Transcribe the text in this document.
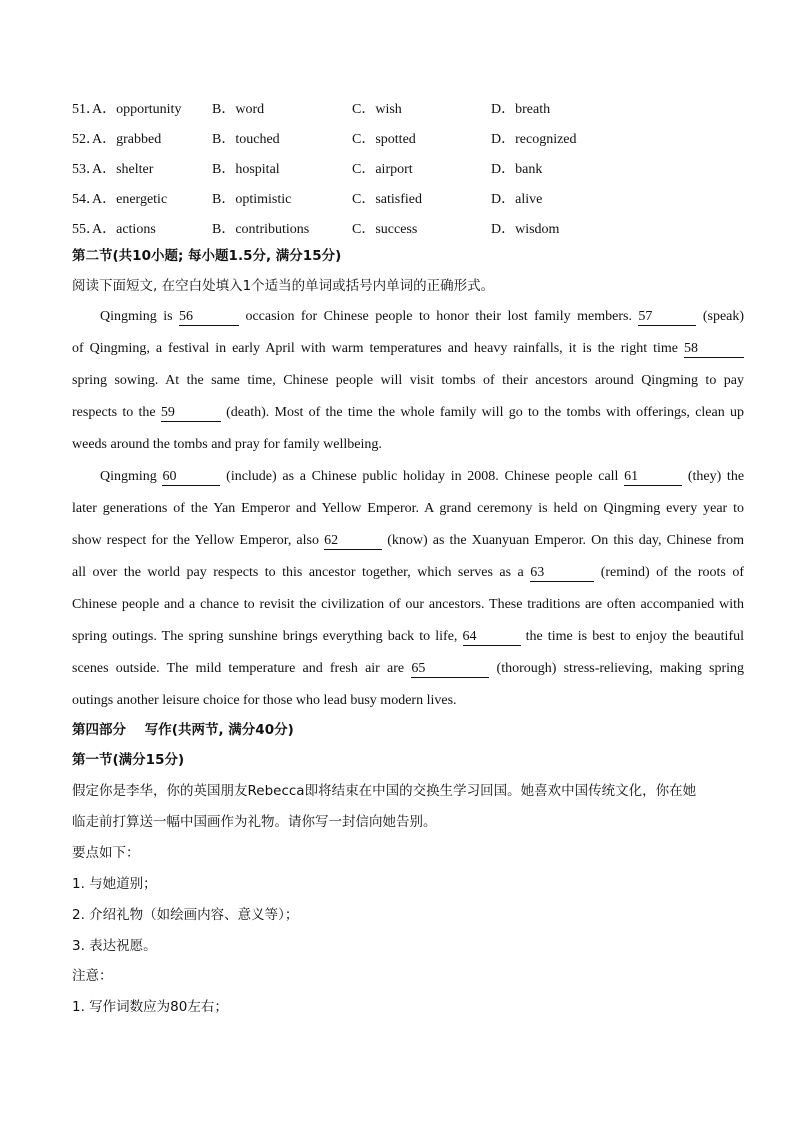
51．
A．opportunity B．word	C．wish	D．breath
52．
A．grabbed	B．touched	C．spotted	D．recognized
53．
A．shelter	B．hospital	C．airport	D．bank
54．
A．energetic	B．optimistic	C．satisfied	D．alive
55．
A．actions	B．contributions	C．success	D．wisdom
第二节(共10小题; 每小题1.5分, 满分15分)
阅读下面短文, 在空白处填入1个适当的单词或括号内单词的正确形式。
Qingming is 56	occasion for Chinese people to honor their lost family members. 57	(speak)
of Qingming, a festival in early April with warm temperatures and heavy rainfalls, it is the right time 58
spring sowing. At the same time, Chinese people will visit tombs of their ancestors around Qingming to pay
respects to the 59	(death). Most of the time the whole family will go to the tombs with offerings, clean up
weeds around the tombs and pray for family wellbeing.
Qingming 60	(include) as a Chinese public holiday in 2008. Chinese people call 61	(they) the
later generations of the Yan Emperor and Yellow Emperor. A grand ceremony is held on Qingming every year to
show respect for the Yellow Emperor, also 62	(know) as the Xuanyuan Emperor. On this day, Chinese from
all over the world pay respects to this ancestor together, which serves as a 63	(remind) of the roots of
Chinese people and a chance to revisit the civilization of our ancestors. These traditions are often accompanied with
spring outings. The spring sunshine brings everything back to life, 64	the time is best to enjoy the beautiful
scenes outside. The mild temperature and fresh air are 65	(thorough) stress-relieving, making spring
outings another leisure choice for those who lead busy modern lives.
第四部分    写作(共两节, 满分40分)
第一节(满分15分)
假定你是李华，你的英国朋友Rebecca即将结束在中国的交换生学习回国。她喜欢中国传统文化，你在她
临走前打算送一幅中国画作为礼物。请你写一封信向她告别。
要点如下：
1. 与她道别；
2. 介绍礼物（如绘画内容、意义等）；
3. 表达祝愿。
注意：
1. 写作词数应为80左右；
